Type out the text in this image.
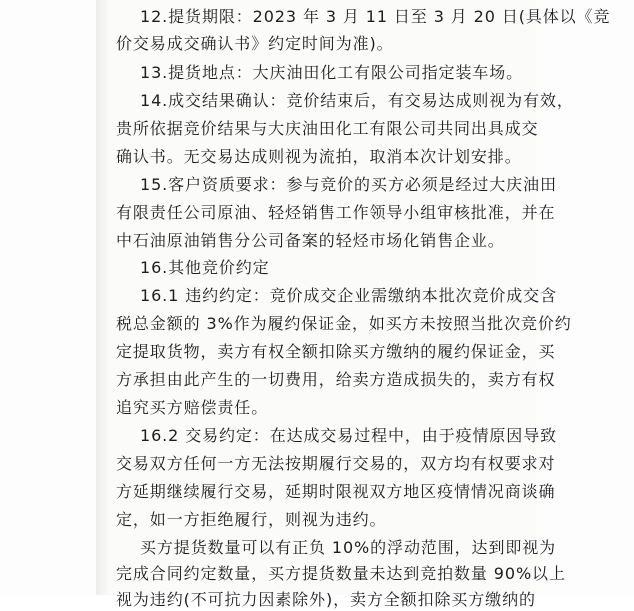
12.提货期限：2023 年 3 月 11 日至 3 月 20 日(具体以《竞
价交易成交确认书》约定时间为准)。
13.提货地点：大庆油田化工有限公司指定装车场。
14.成交结果确认：竞价结束后，有交易达成则视为有效，
贵所依据竞价结果与大庆油田化工有限公司共同出具成交
确认书。无交易达成则视为流拍，取消本次计划安排。
15.客户资质要求：参与竞价的买方必须是经过大庆油田
有限责任公司原油、轻烃销售工作领导小组审核批准，并在
中石油原油销售分公司备案的轻烃市场化销售企业。
16.其他竞价约定
16.1 违约约定：竞价成交企业需缴纳本批次竞价成交含
税总金额的 3%作为履约保证金，如买方未按照当批次竞价约
定提取货物，卖方有权全额扣除买方缴纳的履约保证金，买
方承担由此产生的一切费用，给卖方造成损失的，卖方有权
追究买方赔偿责任。
16.2 交易约定：在达成交易过程中，由于疫情原因导致
交易双方任何一方无法按期履行交易的，双方均有权要求对
方延期继续履行交易，延期时限视双方地区疫情情况商谈确
定，如一方拒绝履行，则视为违约。
买方提货数量可以有正负 10%的浮动范围，达到即视为
完成合同约定数量，买方提货数量未达到竞拍数量 90%以上
视为违约(不可抗力因素除外)，卖方全额扣除买方缴纳的
